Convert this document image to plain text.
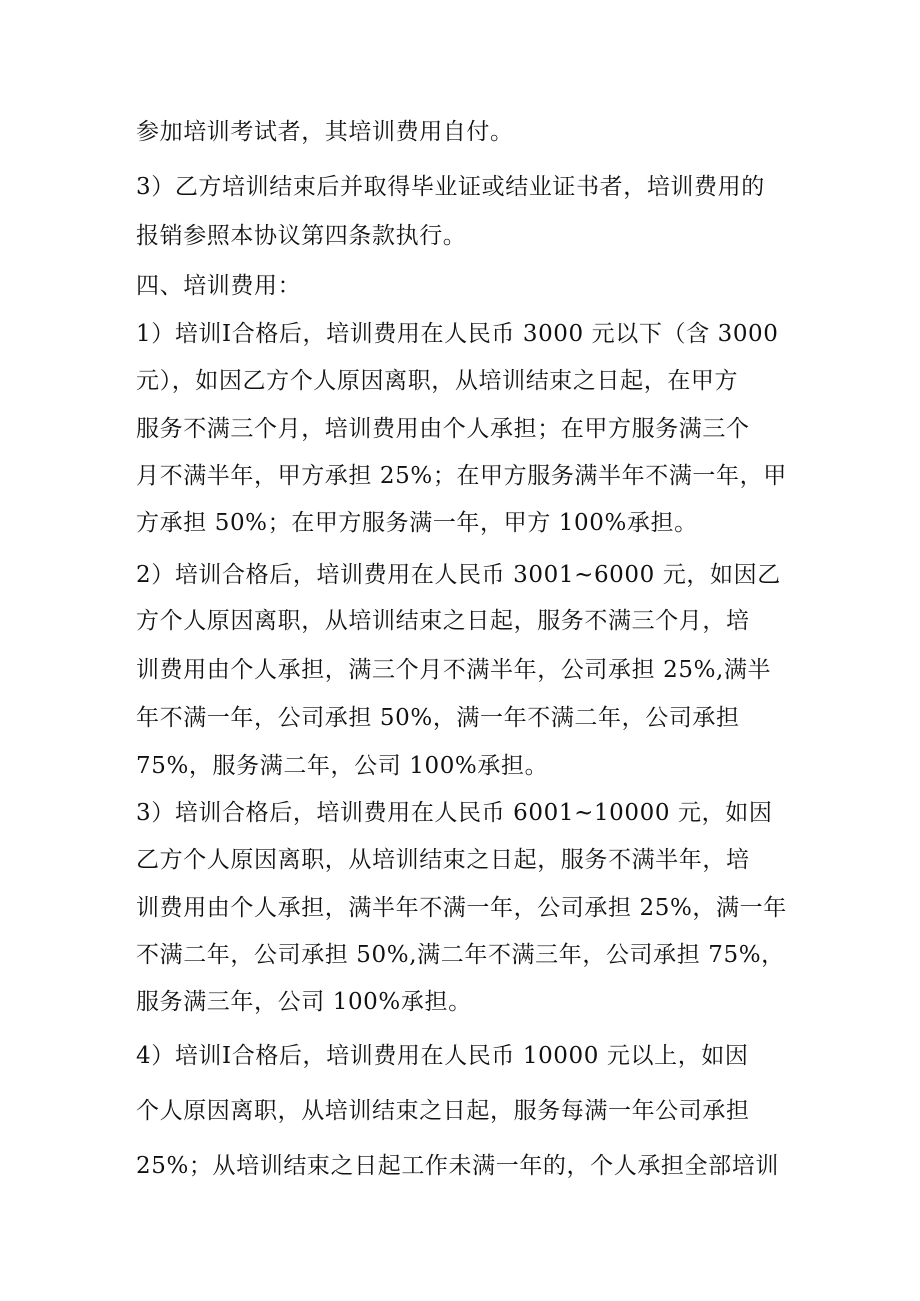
参加培训考试者，其培训费用自付。
3）乙方培训结束后并取得毕业证或结业证书者，培训费用的
报销参照本协议第四条款执行。
四、培训费用：
1）培训Ⅰ合格后，培训费用在人民币 3000 元以下（含 3000
元），如因乙方个人原因离职，从培训结束之日起，在甲方
服务不满三个月，培训费用由个人承担；在甲方服务满三个
月不满半年，甲方承担 25%；在甲方服务满半年不满一年，甲
方承担 50%；在甲方服务满一年，甲方 100%承担。
2）培训合格后，培训费用在人民币 3001~6000 元，如因乙
方个人原因离职，从培训结束之日起，服务不满三个月，培
训费用由个人承担，满三个月不满半年，公司承担 25%,满半
年不满一年，公司承担 50%，满一年不满二年，公司承担
75%，服务满二年，公司 100%承担。
3）培训合格后，培训费用在人民币 6001~10000 元，如因
乙方个人原因离职，从培训结束之日起，服务不满半年，培
训费用由个人承担，满半年不满一年，公司承担 25%，满一年
不满二年，公司承担 50%,满二年不满三年，公司承担 75%，
服务满三年，公司 100%承担。
4）培训Ⅰ合格后，培训费用在人民币 10000 元以上，如因
个人原因离职，从培训结束之日起，服务每满一年公司承担
25%；从培训结束之日起工作未满一年的，个人承担全部培训
